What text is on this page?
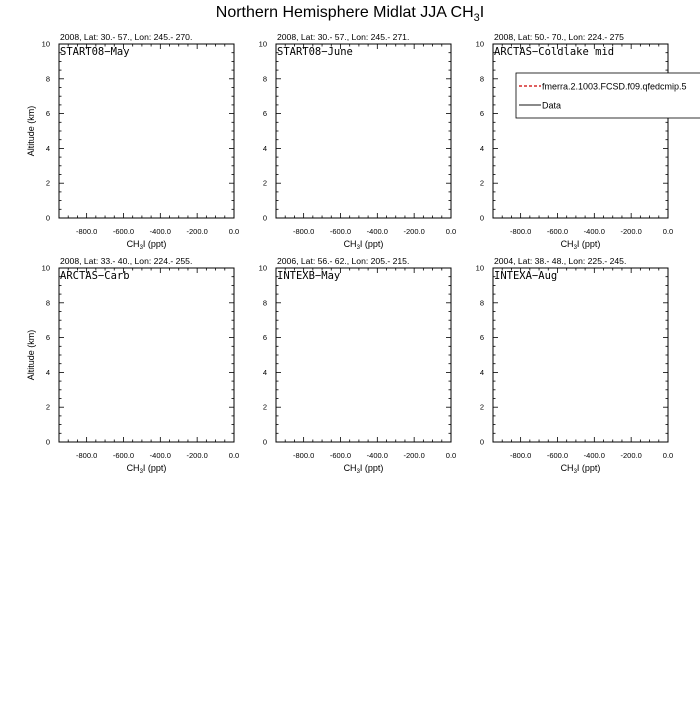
Northern Hemisphere Midlat JJA $CH_3I$
2008, Lat: 30.- 57., Lon: 245.- 270.
0
2
4
6
8
10
-800.0 -600.0 -400.0 -200.0	0.0
$CH_3I$ (ppt)
Altitude (km)
START08−May
2008, Lat: 30.- 57., Lon: 245.- 271.
0
2
4
6
8
10
-800.0 -600.0 -400.0 -200.0	0.0
$CH_3I$ (ppt)
START08−June
2008, Lat: 50.- 70., Lon: 224.- 275
0
2
4
6
8
10
-800.0 -600.0 -400.0 -200.0	0.0
$CH_3I$ (ppt)
ARCTAS−Coldlake mid
fmerra.2.1003.FCSD.f09.qfedcmip.5
Data
2008, Lat: 33.- 40., Lon: 224.- 255.
0
2
4
6
8
10
-800.0 -600.0 -400.0 -200.0	0.0
$CH_3I$ (ppt)
Altitude (km)
ARCTAS−Carb
2006, Lat: 56.- 62., Lon: 205.- 215.
0
2
4
6
8
10
-800.0 -600.0 -400.0 -200.0	0.0
$CH_3I$ (ppt)
INTEXB−May
2004, Lat: 38.- 48., Lon: 225.- 245.
0
2
4
6
8
10
-800.0 -600.0 -400.0 -200.0	0.0
$CH_3I$ (ppt)
INTEXA−Aug
